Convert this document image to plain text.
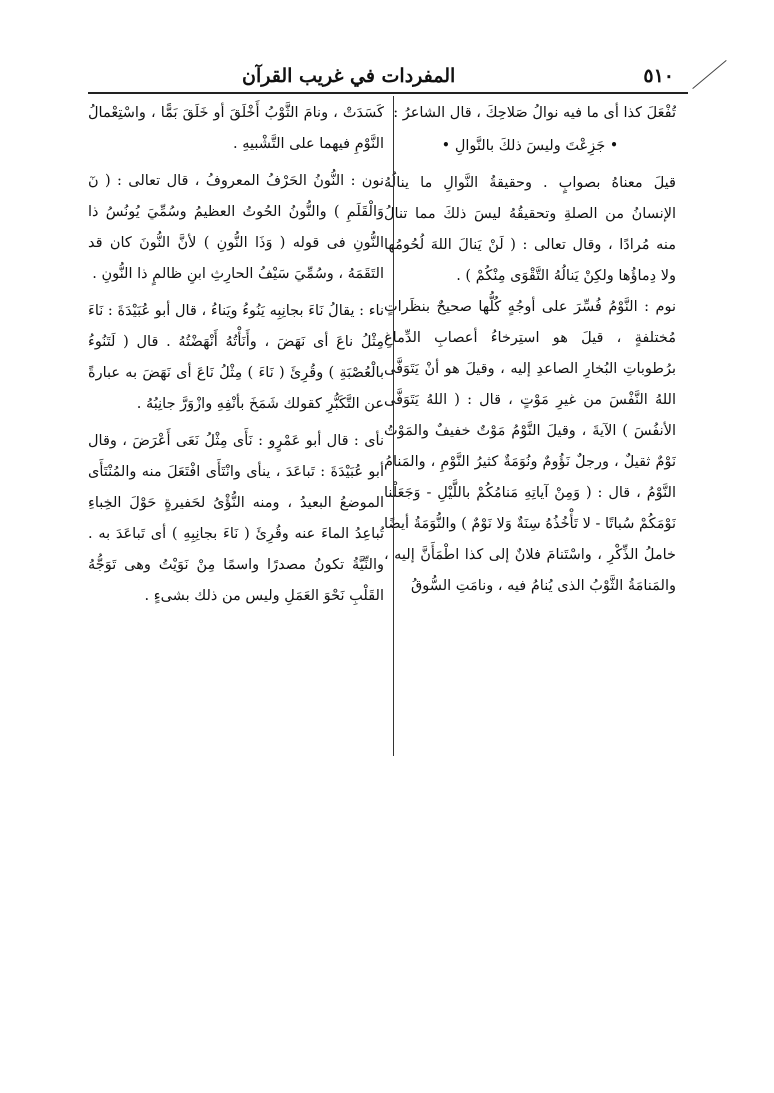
٥١٠
المفردات في غريب القرآن

تُفْعَلَ كذا أى ما فيه نوالُ صَلاحِكَ ، قال الشاعرُ :

• جَزِعْتَ وليسَ ذلكَ بالنَّوالِ •

قيلَ معناهُ بصوابٍ . وحقيقةُ النَّوالِ ما ينالُهُ الإنسانُ من الصلةِ وتحقيقُهُ ليسَ ذلكَ مما تنالُ منه مُرادًا ، وقال تعالى : ( لَنْ يَنالَ اللهَ لُحُومُها ولا دِماؤُها ولكِنْ يَنالُهُ التَّقْوَى مِنْكُمْ ) .

نوم : النَّوْمُ فُسِّرَ على أوجُهٍ كُلُّها صحيحٌ بنظَراتٍ مُختلفةٍ ، قيلَ هو استِرخاءُ أعصابِ الدِّماغِ برُطوباتِ البُخارِ الصاعدِ إليه ، وقيلَ هو أنْ يَتَوَفَّى اللهُ النَّفْسَ من غيرِ مَوْتٍ ، قال : ( اللهُ يَتَوَفَّى الأنفُسَ ) الآيةَ ، وقيلَ النَّوْمُ مَوْتٌ خفيفٌ والمَوْتُ نَوْمٌ ثقيلٌ ، ورجلٌ نَؤُومٌ ونُوَمَةٌ كثيرُ النَّوْمِ ، والمَنامُ النَّوْمُ ، قال : ( وَمِنْ آياتِهِ مَنامُكُمْ باللَّيْلِ - وَجَعَلْنا نَوْمَكُمْ سُباتًا - لا تَأْخُذُهُ سِنَةٌ وَلا نَوْمٌ ) والنُّوَمَةُ أيضًا خاملُ الذِّكْرِ ، واسْتَنامَ فلانٌ إلى كذا اطْمَأَنَّ إليه ، والمَنامَةُ الثَّوْبُ الذى يُنامُ فيه ، ونامَتِ السُّوقُ

كَسَدَتْ ، ونامَ الثَّوْبُ أَخْلَقَ أو خَلَقَ بَمًّا ، واسْتِعْمالُ النَّوْمِ فيهما على التَّشْبيهِ .

نون : النُّونُ الحَرْفُ المعروفُ ، قال تعالى : ( نٓ وَالْقَلَمِ ) والنُّونُ الحُوتُ العظيمُ وسُمِّيَ يُونُسُ ذا النُّونِ فى قوله ( وَذَا النُّونِ ) لأنَّ النُّونَ كان قد التَقَمَهُ ، وسُمِّيَ سَيْفُ الحارِثِ ابنِ ظالمٍ ذا النُّونِ .

ناء : يقالُ نَاءَ بجانِبِه يَنُوءُ ويَناءُ ، قال أبو عُبَيْدَةَ : نَاءَ مِثْلُ ناعَ أى نَهَضَ ، وأَنَأْتُهُ أَنْهَضْتُهُ . قال ( لَتَنُوءُ بالْعُصْبَةِ ) وقُرِئَ ( نَاءَ ) مِثْلُ نَاعَ أى نَهَضَ به عبارةً عن التَّكَبُّرِ كقولك شَمَخَ بأنْفِهِ وازْوَرَّ جانِبُهُ .

نأى : قال أبو عَمْرٍو : نَأَى مِثْلُ نَعَى أَعْرَضَ ، وقال أبو عُبَيْدَةَ : تَباعَدَ ، ينأى وانْتَأَى افْتَعَلَ منه والمُنْتَأَى الموضعُ البعيدُ ، ومنه النُّؤْىُ لحَفيرةٍ حَوْلَ الخِباءِ تُباعِدُ الماءَ عنه وقُرِئَ ( نَاءَ بجانِبِهِ ) أى تَباعَدَ به . والنِّيَّةُ تكونُ مصدرًا واسمًا مِنْ نَوَيْتُ وهى تَوَجُّهُ القَلْبِ نَحْوَ العَمَلِ وليس من ذلك بشىءٍ .
